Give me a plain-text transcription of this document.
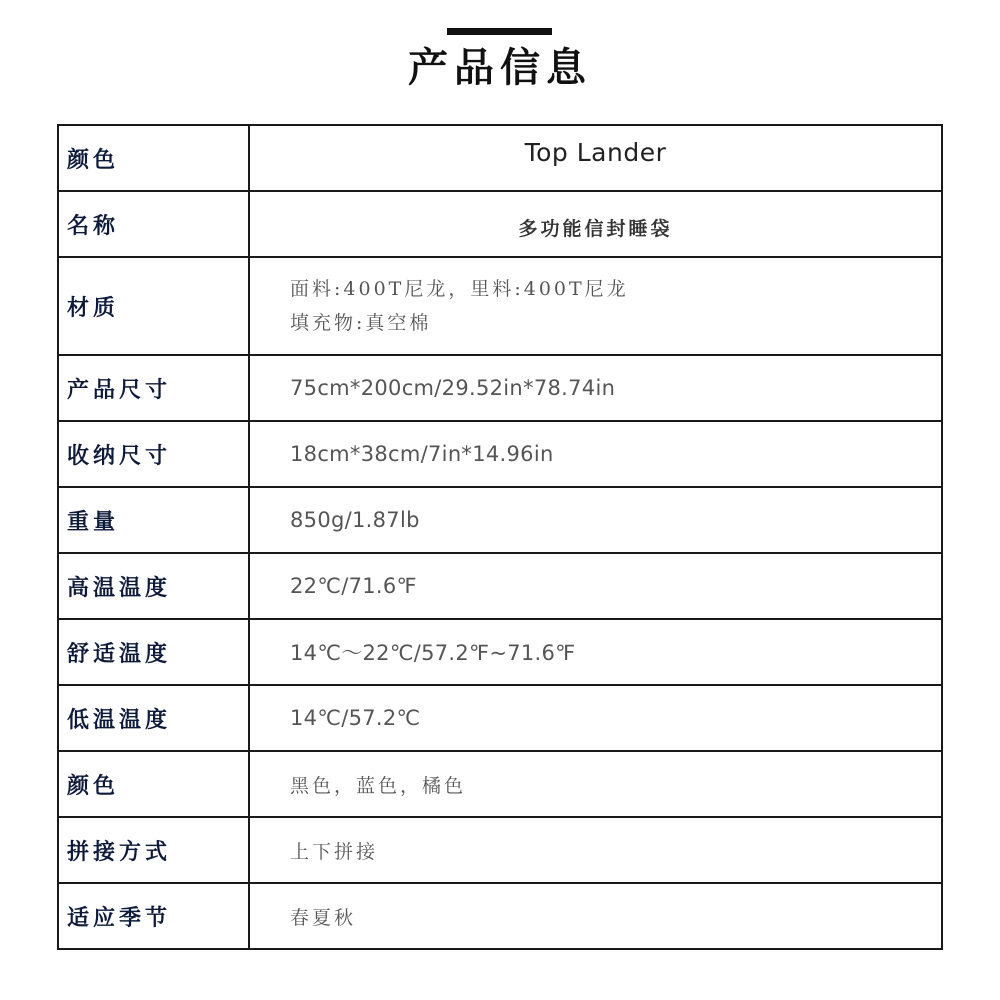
产品信息
颜色	Top Lander
名称	多功能信封睡袋
材质	面料:400T尼龙，里料:400T尼龙
填充物:真空棉

产品尺寸	75cm*200cm/29.52in*78.74in
收纳尺寸	18cm*38cm/7in*14.96in
重量	850g/1.87lb
高温温度	22℃/71.6℉
舒适温度	14℃～22℃/57.2℉~71.6℉
低温温度	14℃/57.2℃
颜色	黑色，蓝色，橘色
拼接方式	上下拼接
适应季节	春夏秋
